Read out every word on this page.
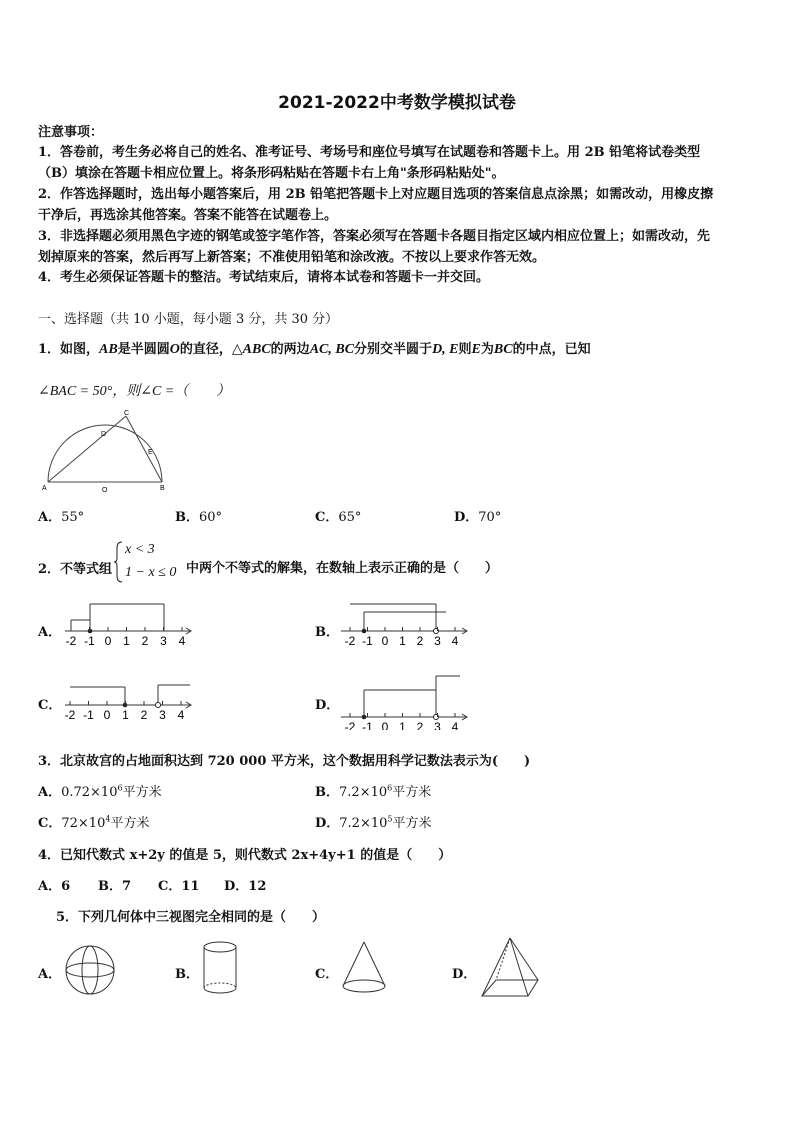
2021-2022中考数学模拟试卷
注意事项：
1．答卷前，考生务必将自己的姓名、准考证号、考场号和座位号填写在试题卷和答题卡上。用 2B 铅笔将试卷类型
（B）填涂在答题卡相应位置上。将条形码粘贴在答题卡右上角"条形码粘贴处"。
2．作答选择题时，选出每小题答案后，用 2B 铅笔把答题卡上对应题目选项的答案信息点涂黑；如需改动，用橡皮擦
干净后，再选涂其他答案。答案不能答在试题卷上。
3．非选择题必须用黑色字迹的钢笔或签字笔作答，答案必须写在答题卡各题目指定区域内相应位置上；如需改动，先
划掉原来的答案，然后再写上新答案；不准使用铅笔和涂改液。不按以上要求作答无效。
4．考生必须保证答题卡的整洁。考试结束后，请将本试卷和答题卡一并交回。
一、选择题（共 10 小题，每小题 3 分，共 30 分）
1．如图，AB是半圆圆O的直径，△ABC的两边AC, BC分别交半圆于D, E则E为BC的中点，已知
∠BAC = 50°，则∠C =（　　）
A	B
C
D
E
O
A．55°	B．60°	C．65°	D．70°
2．不等式组
x < 3
1 − x ≤ 0 中两个不等式的解集，在数轴上表示正确的是（　　）
A．
-2 -1 0 1 2 3 4
B．
-2 -1 0 1 2 3 4
C．
-2 -1 0 1 2 3 4
D．
-2 -1 0 1 2 3 4
3．北京故宫的占地面积达到 720 000 平方米，这个数据用科学记数法表示为(　　)
A．$0.72\times 10^6$平方米	B．$7.2\times 10^6$平方米
C．$72\times 10^4$平方米	D．$7.2\times 10^5$平方米
4．已知代数式 x+2y 的值是 5，则代数式 2x+4y+1 的值是（　　）
A．6 B．7 C．11 D．12
5．下列几何体中三视图完全相同的是（　　）
A．	B．	C．	D．
